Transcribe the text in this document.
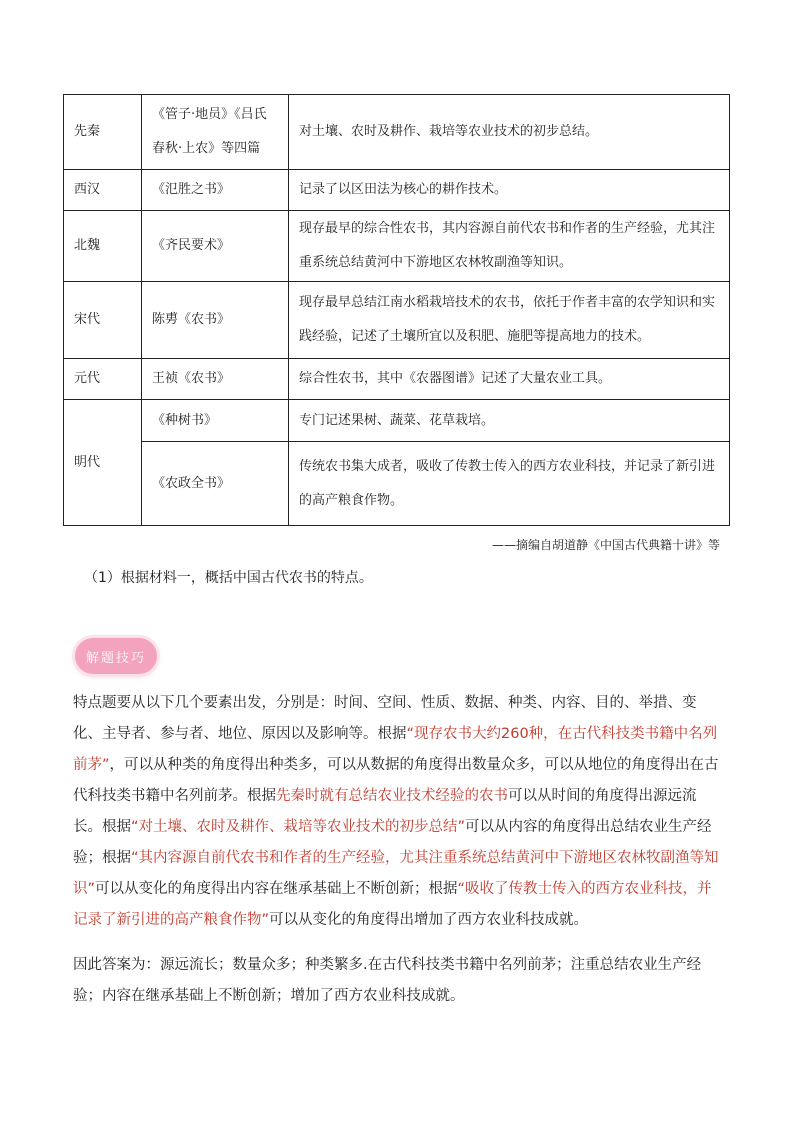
先秦	《管子·地员》《吕氏春秋·上农》等四篇	对土壤、农时及耕作、栽培等农业技术的初步总结。
西汉	《氾胜之书》	记录了以区田法为核心的耕作技术。
北魏	《齐民要术》	现存最早的综合性农书，其内容源自前代农书和作者的生产经验，尤其注重系统总结黄河中下游地区农林牧副渔等知识。
宋代	陈旉《农书》	现存最早总结江南水稻栽培技术的农书，依托于作者丰富的农学知识和实践经验，记述了土壤所宜以及积肥、施肥等提高地力的技术。
元代	王祯《农书》	综合性农书，其中《农器图谱》记述了大量农业工具。
明代	《种树书》	专门记述果树、蔬菜、花草栽培。
	《农政全书》	传统农书集大成者，吸收了传教士传入的西方农业科技，并记录了新引进的高产粮食作物。
——摘编自胡道静《中国古代典籍十讲》等
（1）根据材料一，概括中国古代农书的特点。
解题技巧

特点题要从以下几个要素出发，分别是：时间、空间、性质、数据、种类、内容、目的、举措、变化、主导者、参与者、地位、原因以及影响等。根据“现存农书大约260种，在古代科技类书籍中名列前茅”，可以从种类的角度得出种类多，可以从数据的角度得出数量众多，可以从地位的角度得出在古代科技类书籍中名列前茅。根据先秦时就有总结农业技术经验的农书可以从时间的角度得出源远流长。根据“对土壤、农时及耕作、栽培等农业技术的初步总结”可以从内容的角度得出总结农业生产经验；根据“其内容源自前代农书和作者的生产经验，尤其注重系统总结黄河中下游地区农林牧副渔等知识”可以从变化的角度得出内容在继承基础上不断创新；根据“吸收了传教士传入的西方农业科技，并记录了新引进的高产粮食作物”可以从变化的角度得出增加了西方农业科技成就。

因此答案为：源远流长；数量众多；种类繁多.在古代科技类书籍中名列前茅；注重总结农业生产经验；内容在继承基础上不断创新；增加了西方农业科技成就。
